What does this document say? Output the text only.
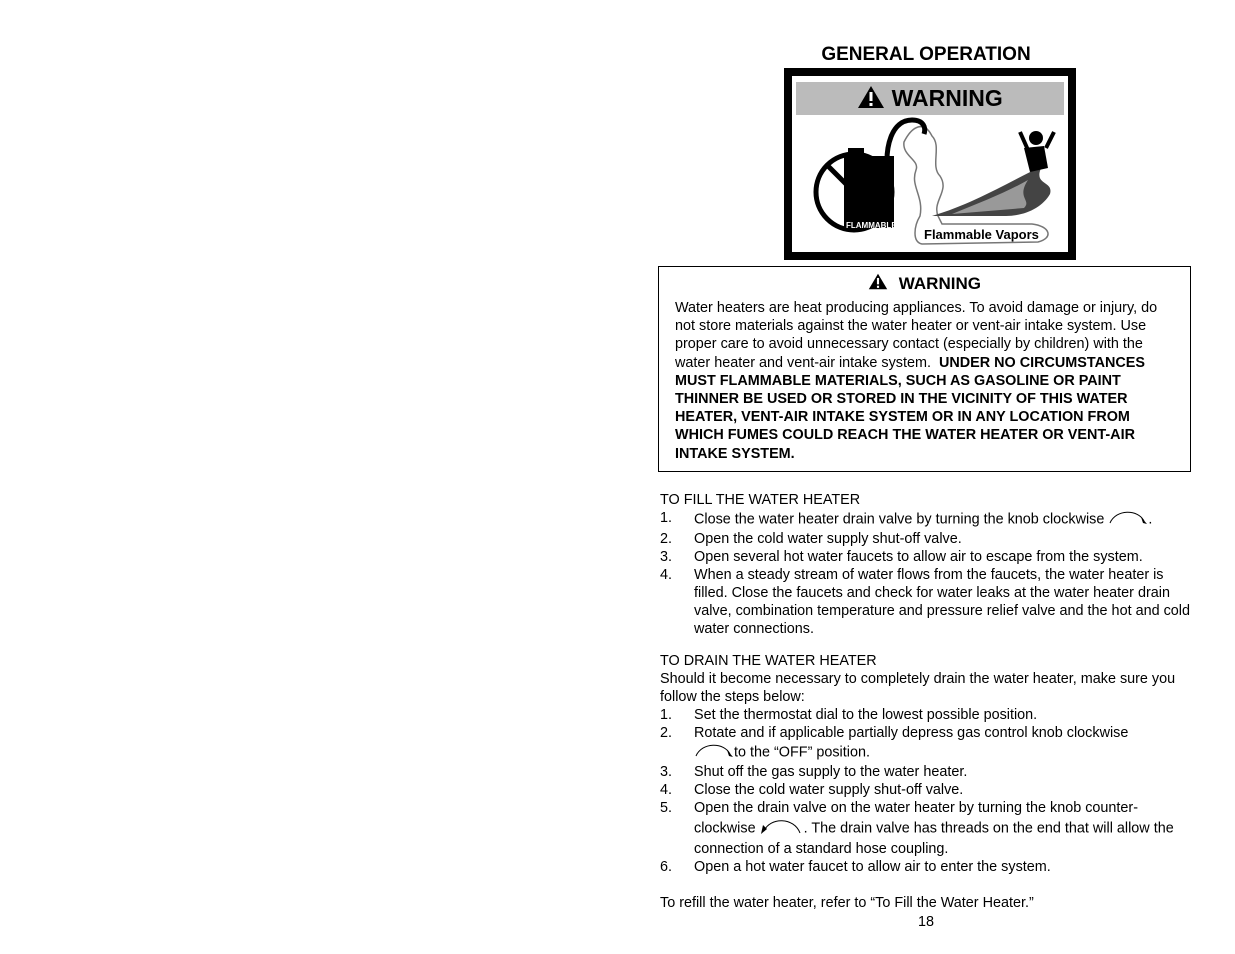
GENERAL OPERATION
WARNING
FLAMMABLES
Flammable Vapors
WARNING
Water heaters are heat producing appliances. To avoid damage or injury, do not store materials against the water heater or vent-air intake system. Use proper care to avoid unnecessary contact (especially by children) with the water heater and vent-air intake system. UNDER NO CIRCUMSTANCES MUST FLAMMABLE MATERIALS, SUCH AS GASOLINE OR PAINT THINNER BE USED OR STORED IN THE VICINITY OF THIS WATER HEATER, VENT-AIR INTAKE SYSTEM OR IN ANY LOCATION FROM WHICH FUMES COULD REACH THE WATER HEATER OR VENT-AIR INTAKE SYSTEM.
TO FILL THE WATER HEATER
1. Close the water heater drain valve by turning the knob clockwise	.
2. Open the cold water supply shut-off valve.
3. Open several hot water faucets to allow air to escape from the system.
4. When a steady stream of water flows from the faucets, the water heater is filled. Close the faucets and check for water leaks at the water heater drain valve, combination temperature and pressure relief valve and the hot and cold water connections.
TO DRAIN THE WATER HEATER
Should it become necessary to completely drain the water heater, make sure you follow the steps below:
1. Set the thermostat dial to the lowest possible position.
2. Rotate and if applicable partially depress gas control knob clockwise to the “OFF” position.
3. Shut off the gas supply to the water heater.
4. Close the cold water supply shut-off valve.
5. Open the drain valve on the water heater by turning the knob counter-clockwise	. The drain valve has threads on the end that will allow the connection of a standard hose coupling.
6. Open a hot water faucet to allow air to enter the system.
To refill the water heater, refer to “To Fill the Water Heater.”
18
